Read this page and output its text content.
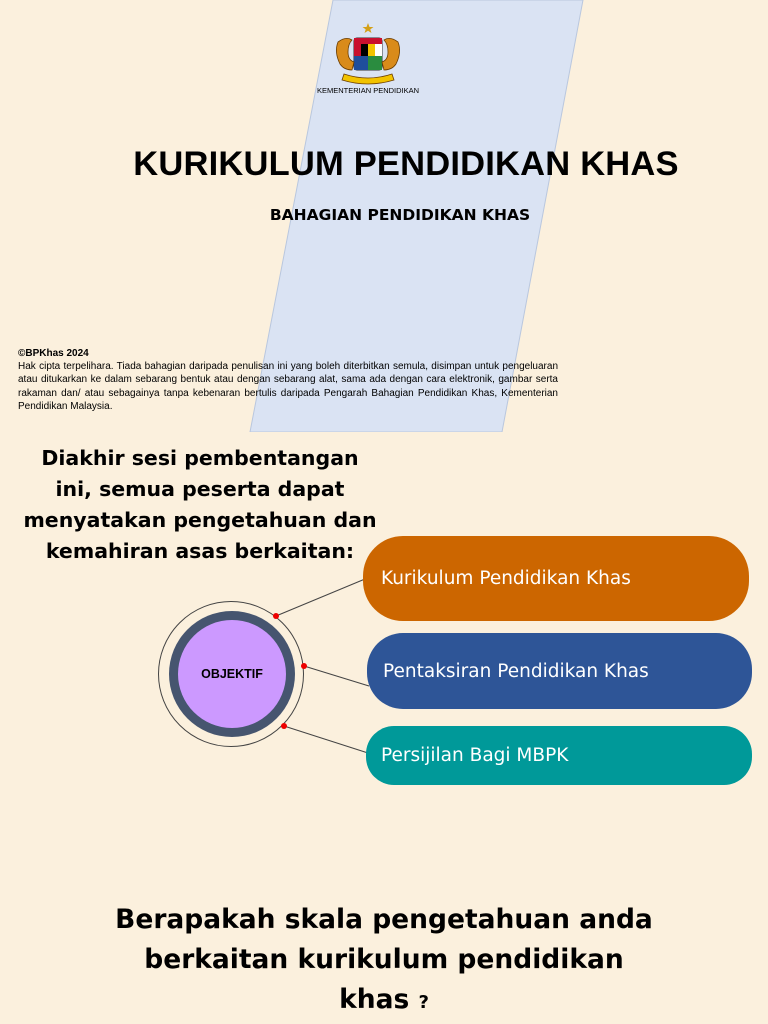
KEMENTERIAN PENDIDIKAN
KURIKULUM PENDIDIKAN KHAS
BAHAGIAN PENDIDIKAN KHAS
©BPKhas 2024
Hak cipta terpelihara. Tiada bahagian daripada penulisan ini yang boleh diterbitkan semula, disimpan untuk pengeluaran atau ditukarkan ke dalam sebarang bentuk atau dengan sebarang alat, sama ada dengan cara elektronik, gambar serta rakaman dan/ atau sebagainya tanpa kebenaran bertulis daripada Pengarah Bahagian Pendidikan Khas, Kementerian Pendidikan Malaysia.
Diakhir sesi pembentangan ini, semua peserta dapat menyatakan pengetahuan dan kemahiran asas berkaitan:
OBJEKTIF
Kurikulum Pendidikan Khas
Pentaksiran Pendidikan Khas
Persijilan Bagi MBPK
Berapakah skala pengetahuan anda berkaitan kurikulum pendidikan khas ?
